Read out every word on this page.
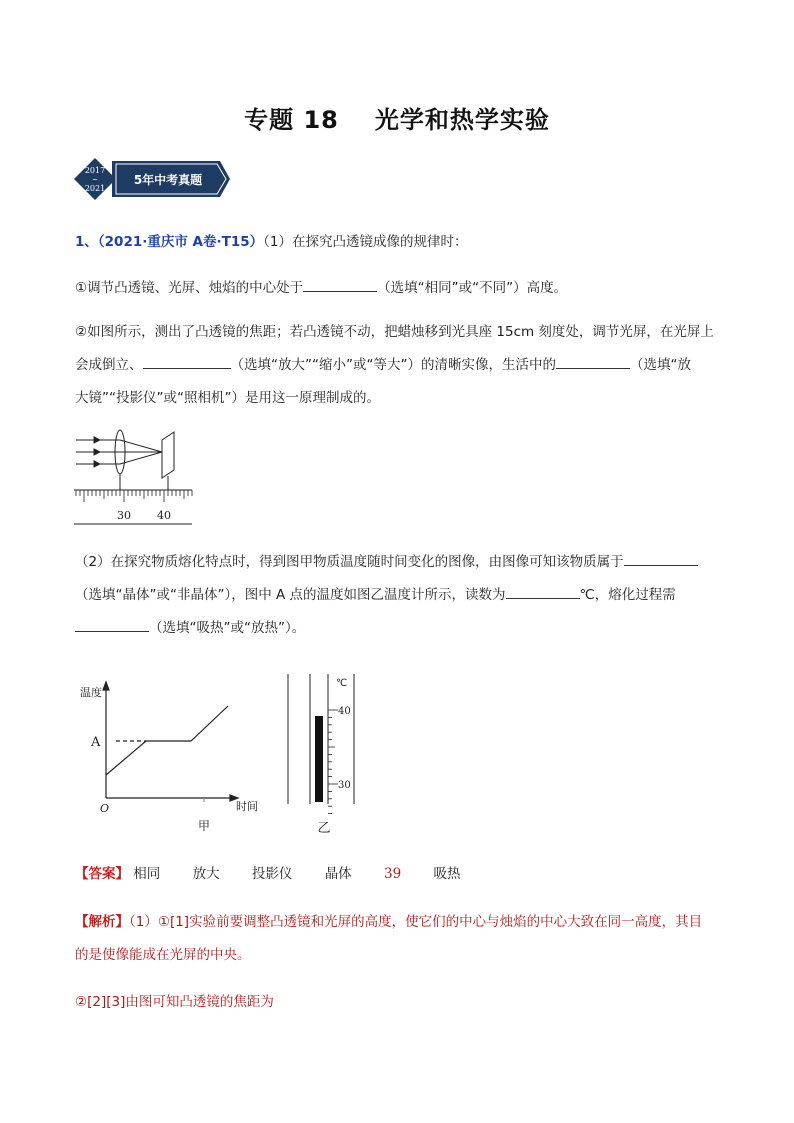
专题 18 光学和热学实验
2017
~
2021
5年中考真题
1、（2021·重庆市 A卷·T15）（1）在探究凸透镜成像的规律时：
①调节凸透镜、光屏、烛焰的中心处于	（选填“相同”或“不同”）高度。
②如图所示，测出了凸透镜的焦距；若凸透镜不动，把蜡烛移到光具座 15cm 刻度处，调节光屏，在光屏上
会成倒立、	（选填“放大”“缩小”或“等大”）的清晰实像，生活中的	（选填“放
大镜”“投影仪”或“照相机”）是用这一原理制成的。
30 40
（2）在探究物质熔化特点时，得到图甲物质温度随时间变化的图像，由图像可知该物质属于
（选填“晶体”或“非晶体”），图中 A 点的温度如图乙温度计所示，读数为	℃，熔化过程需
（选填“吸热”或“放热”）。
温度
时间
A
O
甲
℃
40
30
乙
【答案】 相同 放大 投影仪 晶体 39 吸热
【解析】（1）①[1]实验前要调整凸透镜和光屏的高度，使它们的中心与烛焰的中心大致在同一高度，其目
的是使像能成在光屏的中央。
②[2][3]由图可知凸透镜的焦距为
